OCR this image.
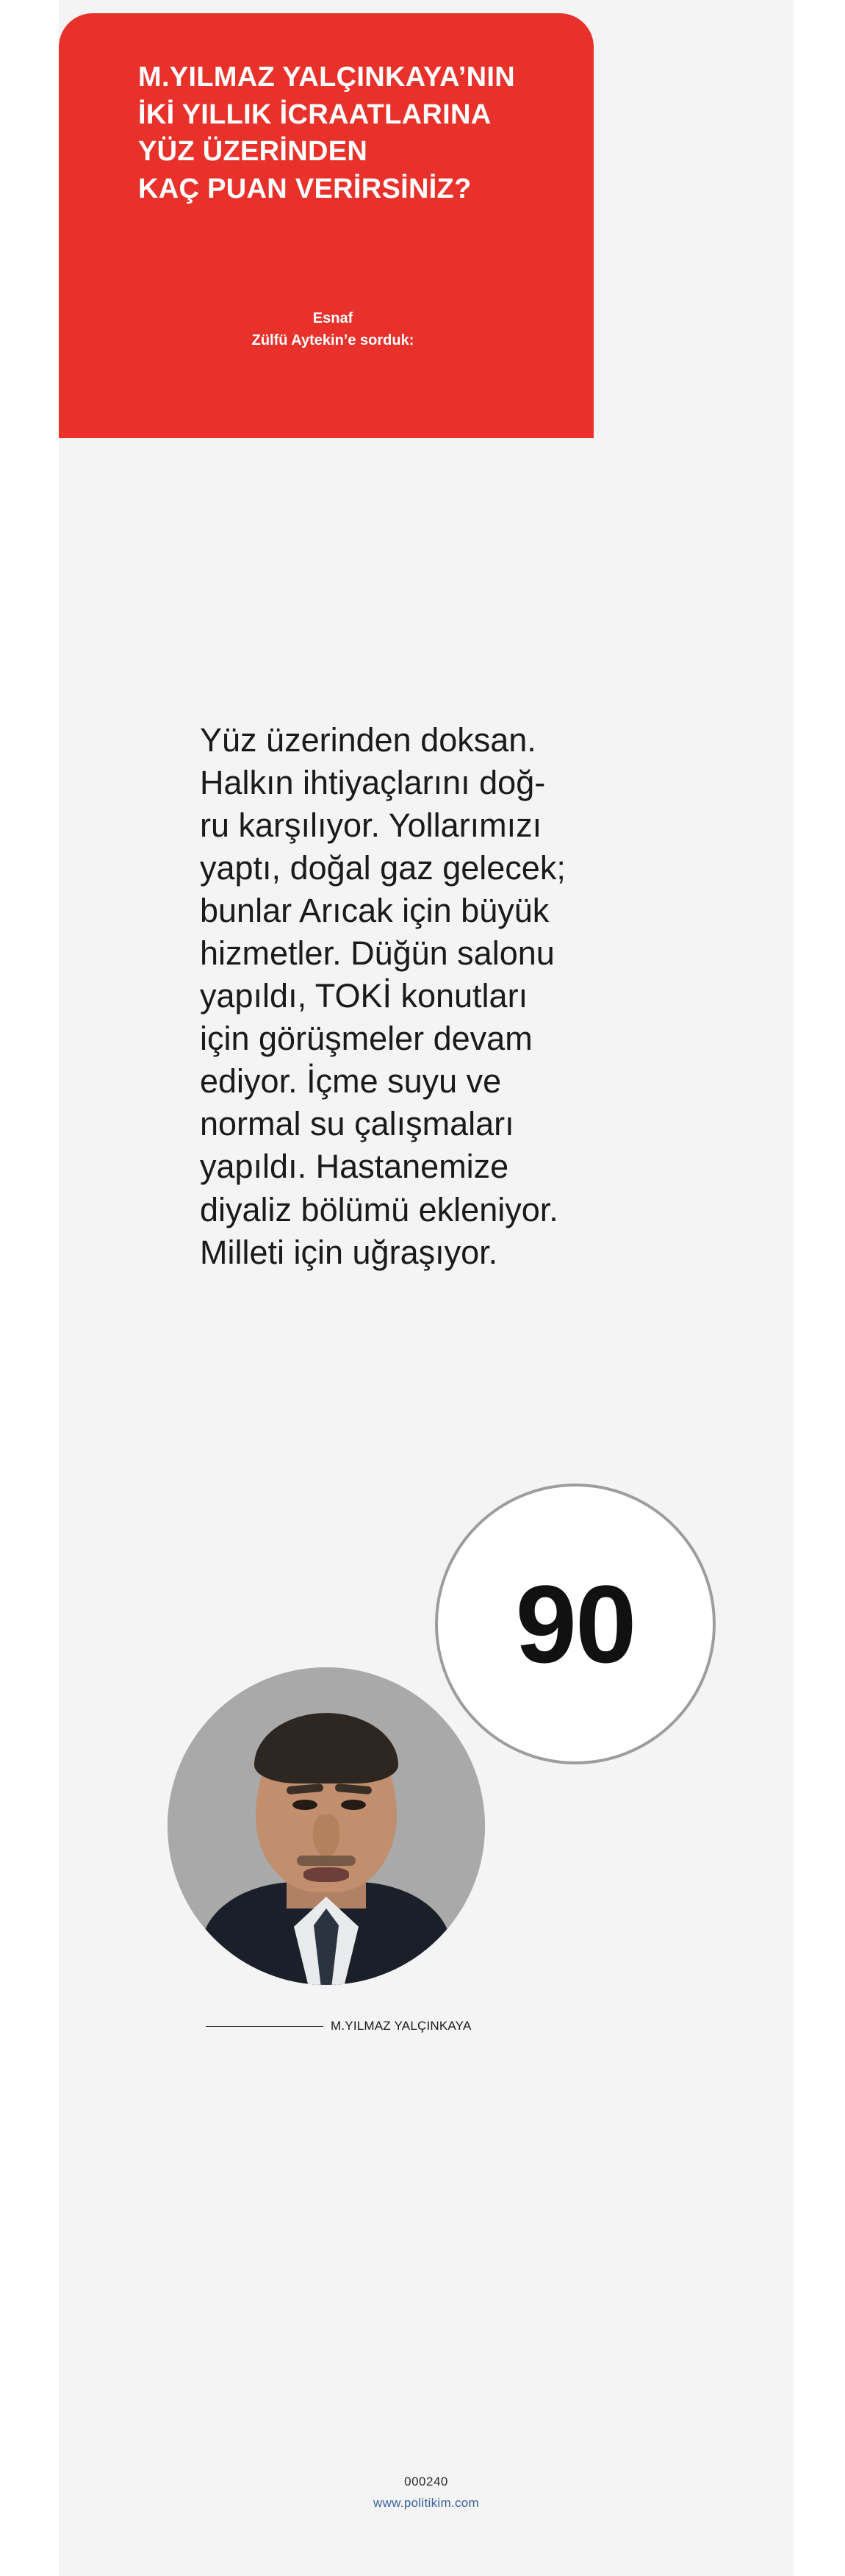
M.YILMAZ YALÇINKAYA’NIN
İKİ YILLIK İCRAATLARINA
YÜZ ÜZERİNDEN
KAÇ PUAN VERİRSİNİZ?
Esnaf
Zülfü Aytekin’e sorduk:
Yüz üzerinden doksan.
Halkın ihtiyaçlarını doğ-
ru karşılıyor. Yollarımızı
yaptı, doğal gaz gelecek;
bunlar Arıcak için büyük
hizmetler. Düğün salonu
yapıldı, TOKİ konutları
için görüşmeler devam
ediyor. İçme suyu ve
normal su çalışmaları
yapıldı. Hastanemize
diyaliz bölümü ekleniyor.
Milleti için uğraşıyor.
90
M.YILMAZ YALÇINKAYA
000240
www.politikim.com
